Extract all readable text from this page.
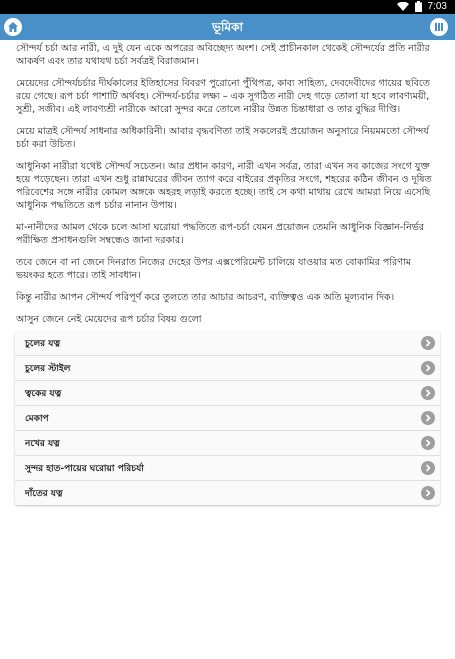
7:03
ভূমিকা

সৌন্দর্য চর্চা আর নারী, এ দুই যেন একে অপরের অবিচ্ছেদ্য অংশ। সেই প্রাচীনকাল থেকেই সৌন্দর্যের প্রতি নারীর আকর্ষণ এবং তার যথাযথ চর্চা সর্বত্রই বিরাজমান।

মেয়েদের সৌন্দর্যচর্চার দীর্ঘকালের ইতিহাসের বিবরণ পুরোনো পুঁথিপত্র, কাব্য সাহিত্য, দেবদেবীদের গায়ের ছবিতে রয়ে গেছে। রূপ চর্চা পাশাটি অর্থবহ। সৌন্দর্য-চর্চার লক্ষ্য – এক সুগঠিত নারী দেহ গড়ে তোলা যা হবে লাবণ্যময়ী, সুশ্রী, সজীব। এই লাবণ্যশ্রী নারীকে আরো সুন্দর করে তোলে নারীর উন্নত চিন্তাধারা ও তার বুদ্ধির দীপ্তি।

মেয়ে মাত্রই সৌন্দর্য সাধনার অধিকারিনী। আবার বৃদ্ধবণিতা তাই সকলেরই প্রয়োজন অনুসারে নিয়মমতো সৌন্দর্য চর্চা করা উচিত।

আধুনিকা নারীরা যথেষ্ট সৌন্দর্য সচেতন। আর প্রধান কারণ, নারী এখন সর্বত্র, তারা এখন সব কাজের সংগে যুক্ত হয়ে পড়েছেন। তারা এখন শুধু রান্নাঘরের জীবন ত্যাগ করে বাইরের প্রকৃতির সংগে, শহরের কঠিন জীবন ও দূষিত পরিবেশের সঙ্গে নারীর কোমল অঙ্গকে অহরহ লড়াই করতে হচ্ছে। তাই সে কথা মাথায় রেখে আমরা নিয়ে এসেছি আধুনিক পদ্ধতিতে রূপ চর্চার নানান উপায়।

মা-নানীদের আমল থেকে চলে আসা ঘরোয়া পদ্ধতিতে রূপ-চর্চা যেমন প্রয়োজন তেমনি আধুনিক বিজ্ঞান-নির্ভর পরীক্ষিত প্রসাধনগুলি সম্বন্ধেও জানা দরকার।

তবে জেনে বা না জেনে দিনরাত নিজের দেহের উপর এক্সপেরিমেন্ট চালিয়ে যাওয়ার মত বোকামির পরিণাম ভয়ংকর হতে পারে। তাই সাবধান।

কিন্তু নারীর আপন সৌন্দর্য পরিপূর্ণ করে তুলতে তার আচার আচরণ, ব্যক্তিত্বও এক অতি মূল্যবান দিক।

আসুন জেনে নেই মেয়েদের রূপ চর্চার বিষয় গুলো

চুলের যত্ন
চুলের স্টাইল
ত্বকের যত্ন
মেকাপ
নখের যত্ন
সুন্দর হাত-পায়ের ঘরোয়া পরিচর্যা
দাঁতের যত্ন
